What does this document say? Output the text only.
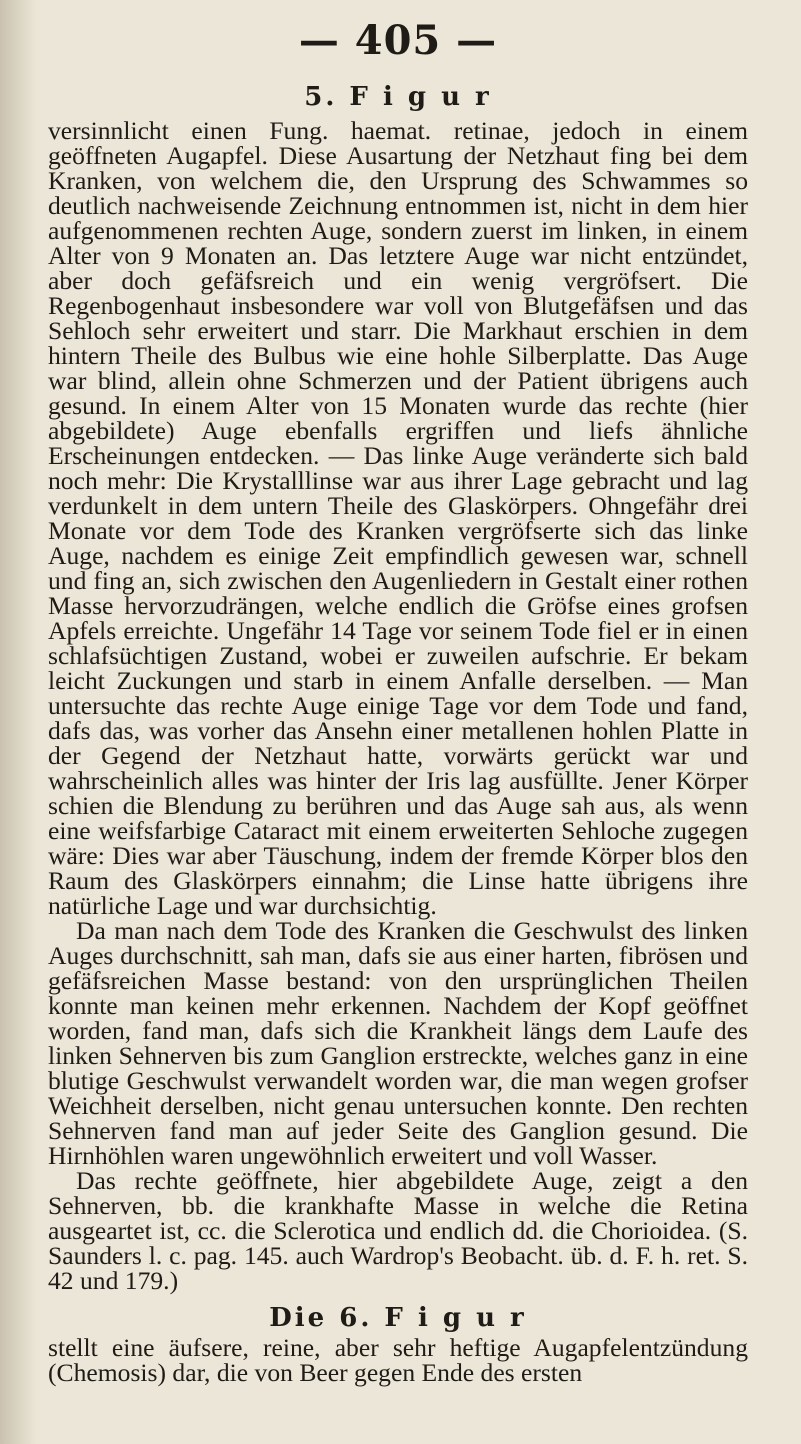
— 405 —
5. F i g u r

versinnlicht einen Fung. haemat. retinae, jedoch in einem geöffneten Augapfel. Diese Ausartung der Netzhaut fing bei dem Kranken, von welchem die, den Ursprung des Schwammes so deutlich nachweisende Zeichnung entnommen ist, nicht in dem hier aufgenommenen rechten Auge, sondern zuerst im linken, in einem Alter von 9 Monaten an. Das letztere Auge war nicht entzündet, aber doch gefäfsreich und ein wenig vergröfsert. Die Regenbogenhaut insbesondere war voll von Blutgefäfsen und das Sehloch sehr erweitert und starr. Die Markhaut erschien in dem hintern Theile des Bulbus wie eine hohle Silberplatte. Das Auge war blind, allein ohne Schmerzen und der Patient übrigens auch gesund. In einem Alter von 15 Monaten wurde das rechte (hier abgebildete) Auge ebenfalls ergriffen und liefs ähnliche Erscheinungen entdecken. — Das linke Auge veränderte sich bald noch mehr: Die Krystalllinse war aus ihrer Lage gebracht und lag verdunkelt in dem untern Theile des Glaskörpers. Ohngefähr drei Monate vor dem Tode des Kranken vergröfserte sich das linke Auge, nachdem es einige Zeit empfindlich gewesen war, schnell und fing an, sich zwischen den Augenliedern in Gestalt einer rothen Masse hervorzudrängen, welche endlich die Gröfse eines grofsen Apfels erreichte. Ungefähr 14 Tage vor seinem Tode fiel er in einen schlafsüchtigen Zustand, wobei er zuweilen aufschrie. Er bekam leicht Zuckungen und starb in einem Anfalle derselben. — Man untersuchte das rechte Auge einige Tage vor dem Tode und fand, dafs das, was vorher das Ansehn einer metallenen hohlen Platte in der Gegend der Netzhaut hatte, vorwärts gerückt war und wahrscheinlich alles was hinter der Iris lag ausfüllte. Jener Körper schien die Blendung zu berühren und das Auge sah aus, als wenn eine weifsfarbige Cataract mit einem erweiterten Sehloche zugegen wäre: Dies war aber Täuschung, indem der fremde Körper blos den Raum des Glaskörpers einnahm; die Linse hatte übrigens ihre natürliche Lage und war durchsichtig.

Da man nach dem Tode des Kranken die Geschwulst des linken Auges durchschnitt, sah man, dafs sie aus einer harten, fibrösen und gefäfsreichen Masse bestand: von den ursprünglichen Theilen konnte man keinen mehr erkennen. Nachdem der Kopf geöffnet worden, fand man, dafs sich die Krankheit längs dem Laufe des linken Sehnerven bis zum Ganglion erstreckte, welches ganz in eine blutige Geschwulst verwandelt worden war, die man wegen grofser Weichheit derselben, nicht genau untersuchen konnte. Den rechten Sehnerven fand man auf jeder Seite des Ganglion gesund. Die Hirnhöhlen waren ungewöhnlich erweitert und voll Wasser.

Das rechte geöffnete, hier abgebildete Auge, zeigt a den Sehnerven, bb. die krankhafte Masse in welche die Retina ausgeartet ist, cc. die Sclerotica und endlich dd. die Chorioidea. (S. Saunders l. c. pag. 145. auch Wardrop's Beobacht. üb. d. F. h. ret. S. 42 und 179.)

Die 6. F i g u r

stellt eine äufsere, reine, aber sehr heftige Augapfelentzündung (Chemosis) dar, die von Beer gegen Ende des ersten
